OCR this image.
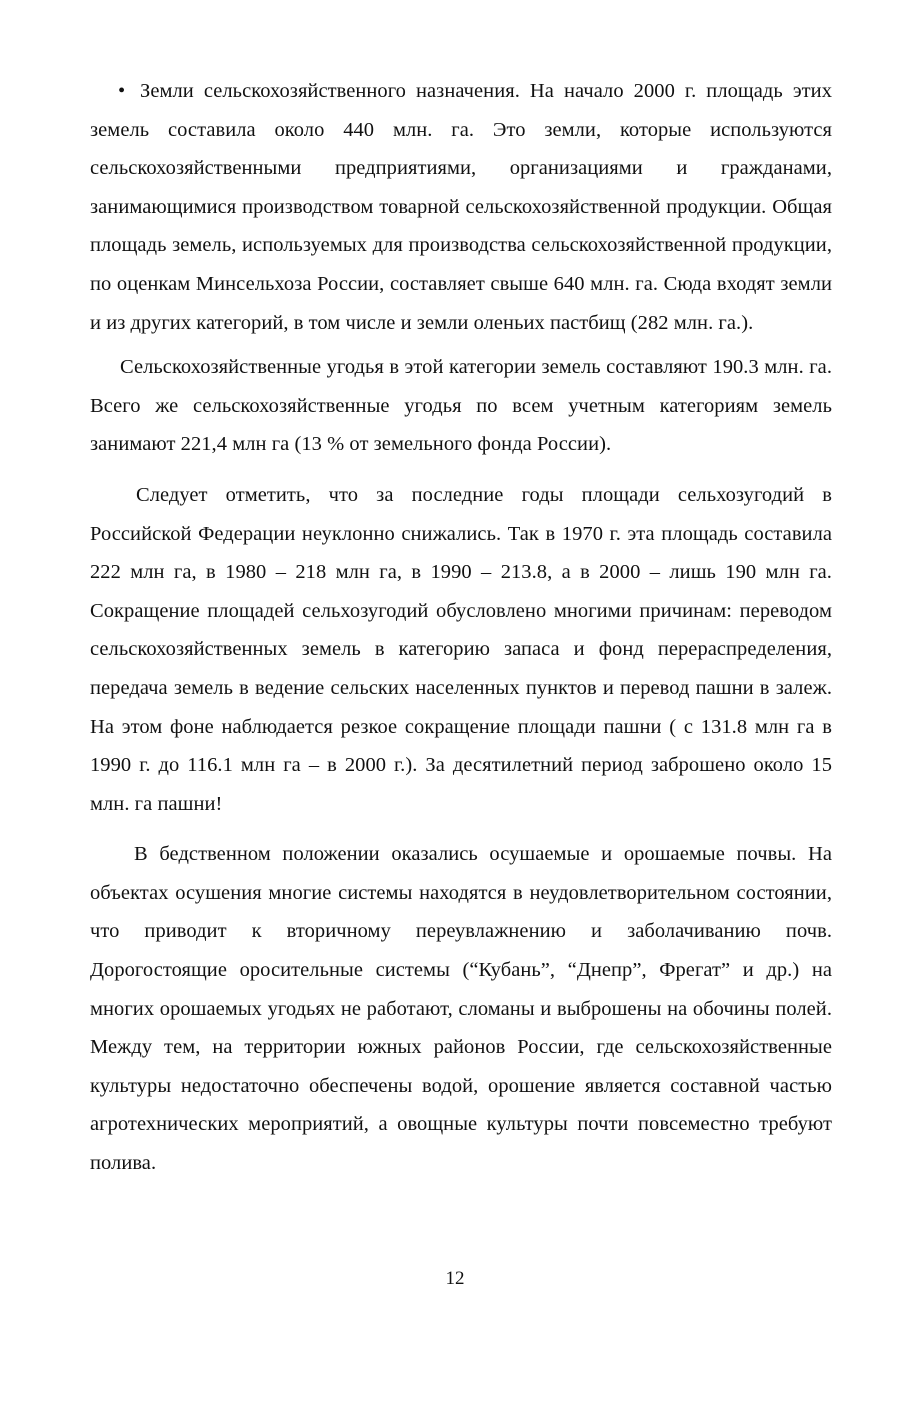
• Земли сельскохозяйственного назначения. На начало 2000 г. площадь этих земель составила около 440 млн. га. Это земли, которые используются сельскохозяйственными предприятиями, организациями и гражданами, занимающимися производством товарной сельскохозяйственной продукции. Общая площадь земель, используемых для производства сельскохозяйственной продукции, по оценкам Минсельхоза России, составляет свыше 640 млн. га. Сюда входят земли и из других категорий, в том числе и земли оленьих пастбищ (282 млн. га.).

Сельскохозяйственные угодья в этой категории земель составляют 190.3 млн. га. Всего же сельскохозяйственные угодья по всем учетным категориям земель занимают 221,4 млн га (13 % от земельного фонда России).

Следует отметить, что за последние годы площади сельхозугодий в Российской Федерации неуклонно снижались. Так в 1970 г. эта площадь составила 222 млн га, в 1980 – 218 млн га, в 1990 – 213.8, а в 2000 – лишь 190 млн га. Сокращение площадей сельхозугодий обусловлено многими причинам: переводом сельскохозяйственных земель в категорию запаса и фонд перераспределения, передача земель в ведение сельских населенных пунктов и перевод пашни в залеж. На этом фоне наблюдается резкое сокращение площади пашни ( с 131.8 млн га в 1990 г. до 116.1 млн га – в 2000 г.). За десятилетний период заброшено около 15 млн. га пашни!

В бедственном положении оказались осушаемые и орошаемые почвы. На объектах осушения многие системы находятся в неудовлетворительном состоянии, что приводит к вторичному переувлажнению и заболачиванию почв. Дорогостоящие оросительные системы (“Кубань”, “Днепр”, Фрегат” и др.) на многих орошаемых угодьях не работают, сломаны и выброшены на обочины полей. Между тем, на территории южных районов России, где сельскохозяйственные культуры недостаточно обеспечены водой, орошение является составной частью агротехнических мероприятий, а овощные культуры почти повсеместно требуют полива.

12
